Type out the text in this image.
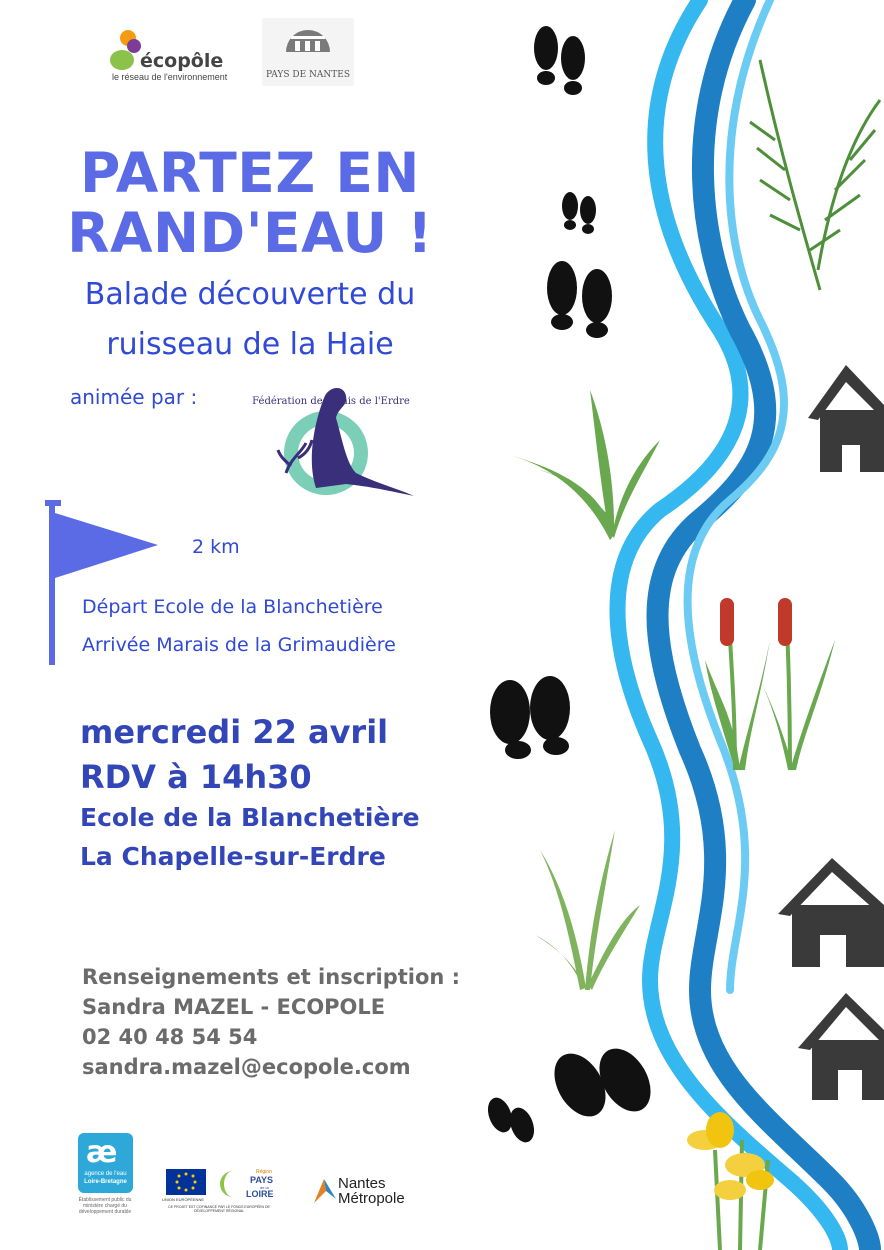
écopôle
le réseau de l'environnement	PAYS DE NANTES
PARTEZ EN
RAND'EAU !
Balade découverte du
ruisseau de la Haie
animée par :	Fédération des Amis de l'Erdre
2 km
Départ Ecole de la Blanchetière
Arrivée Marais de la Grimaudière
mercredi 22 avril
RDV à 14h30
Ecole de la Blanchetière
La Chapelle-sur-Erdre
Renseignements et inscription :
Sandra MAZEL - ECOPOLE
02 40 48 54 54
sandra.mazel@ecopole.com
æ
agence de l'eau
Loire-Bretagne
Établissement public du ministère chargé du développement durable
UNION EUROPÉENNE
Région
PAYS
de la
LOIRE
CE PROJET EST COFINANCÉ PAR LE FONDS EUROPÉEN DE DÉVELOPPEMENT RÉGIONAL
Nantes
Métropole
